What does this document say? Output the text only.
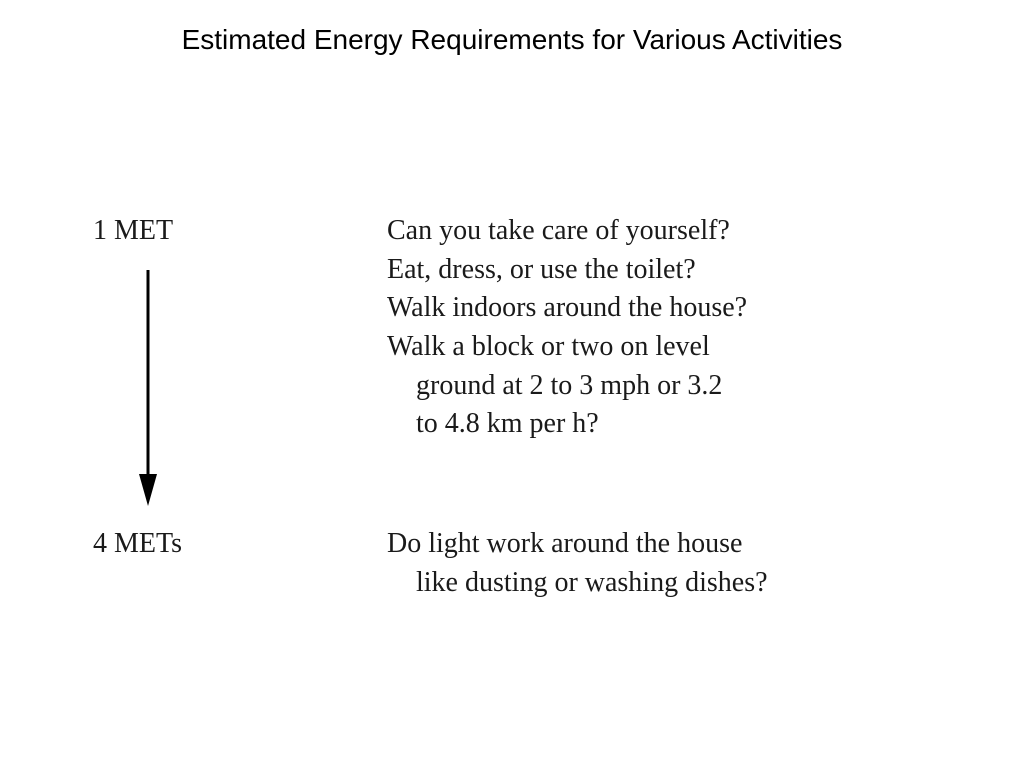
Estimated Energy Requirements for Various Activities
1 MET
4 METs
Can you take care of yourself?
Eat, dress, or use the toilet?
Walk indoors around the house?
Walk a block or two on level
ground at 2 to 3 mph or 3.2
to 4.8 km per h?
Do light work around the house
like dusting or washing dishes?
